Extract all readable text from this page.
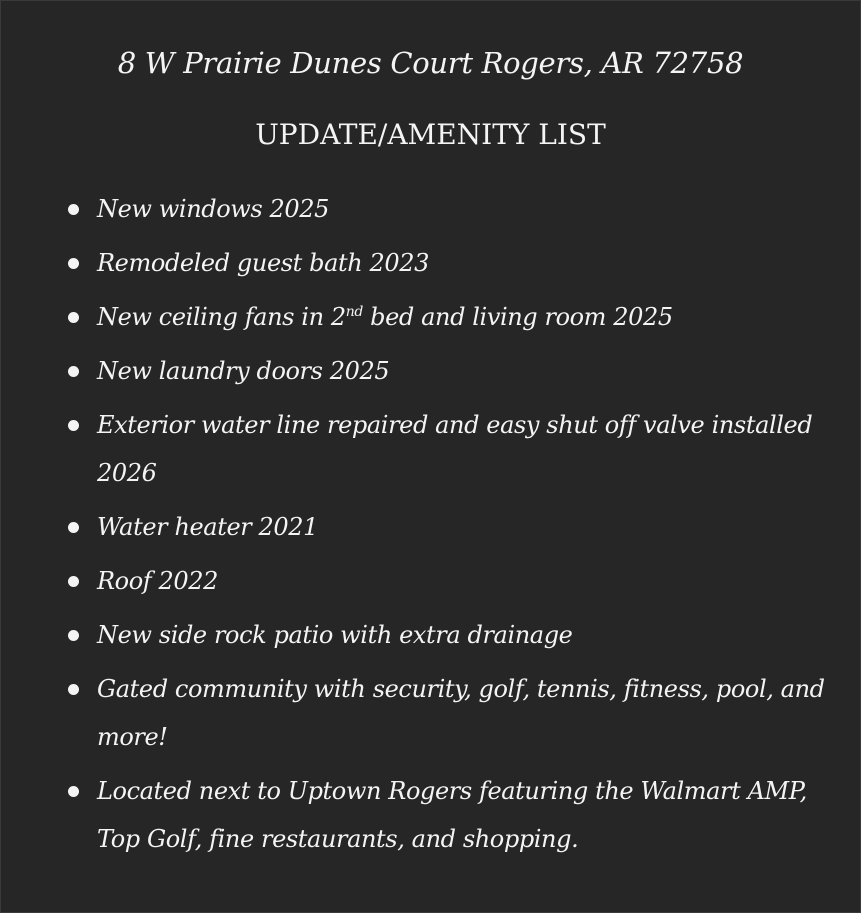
8 W Prairie Dunes Court Rogers, AR 72758
UPDATE/AMENITY LIST
New windows 2025
Remodeled guest bath 2023
New ceiling fans in 2nd bed and living room 2025
New laundry doors 2025
Exterior water line repaired and easy shut off valve installed 2026
Water heater 2021
Roof 2022
New side rock patio with extra drainage
Gated community with security, golf, tennis, fitness, pool, and more!
Located next to Uptown Rogers featuring the Walmart AMP, Top Golf, fine restaurants, and shopping.
